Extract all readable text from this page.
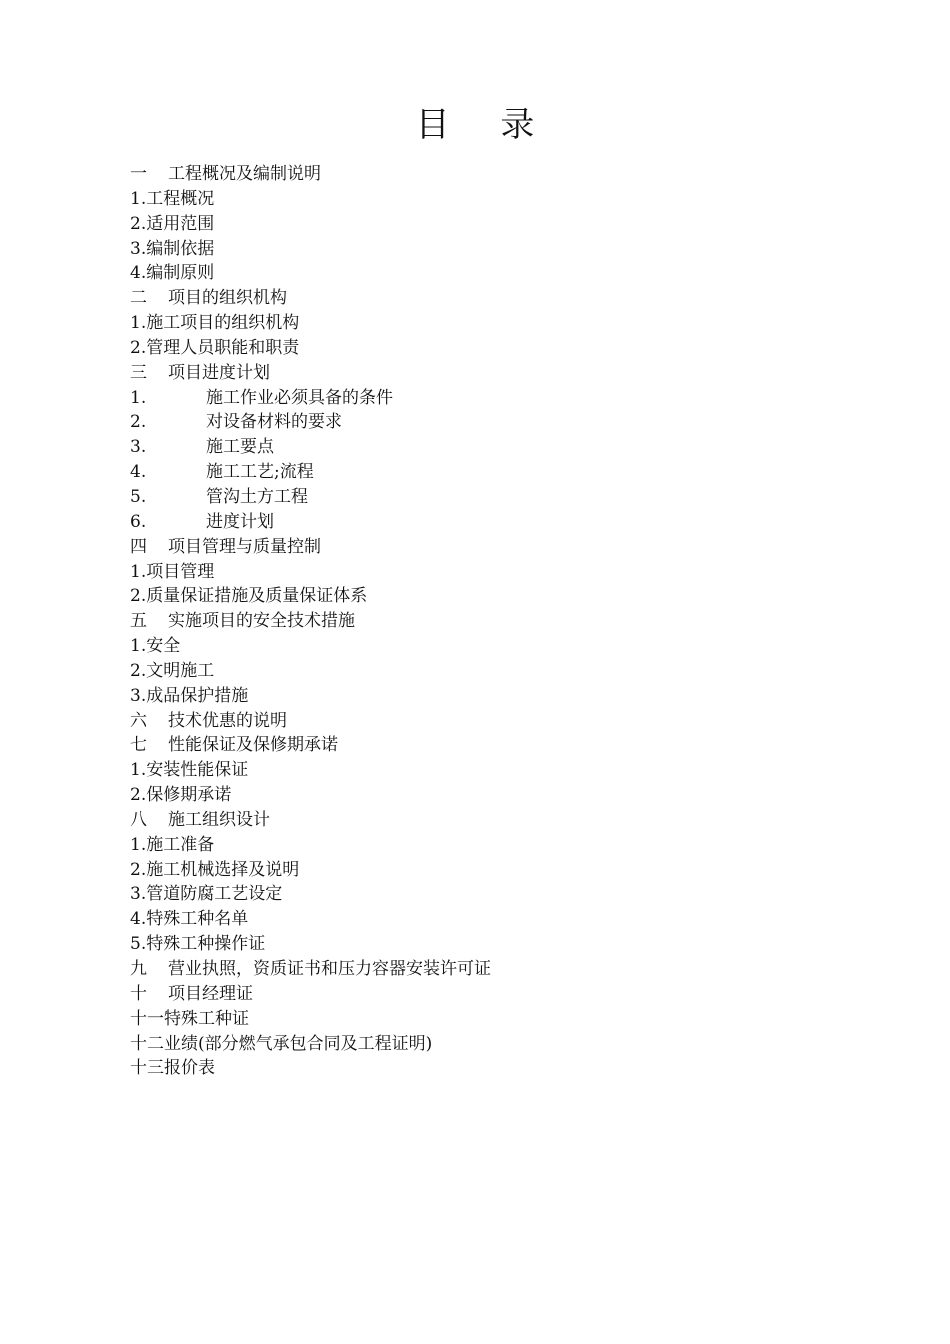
目 录
一	工程概况及编制说明
1.工程概况
2.适用范围
3.编制依据
4.编制原则
二	项目的组织机构
1.施工项目的组织机构
2.管理人员职能和职责
三	项目进度计划
1.	施工作业必须具备的条件
2.	对设备材料的要求
3.	施工要点
4.	施工工艺;流程
5.	管沟土方工程
6.	进度计划
四	项目管理与质量控制
1.项目管理
2.质量保证措施及质量保证体系
五	实施项目的安全技术措施
1.安全
2.文明施工
3.成品保护措施
六	技术优惠的说明
七	性能保证及保修期承诺
1.安装性能保证
2.保修期承诺
八	施工组织设计
1.施工准备
2.施工机械选择及说明
3.管道防腐工艺设定
4.特殊工种名单
5.特殊工种操作证
九	营业执照，资质证书和压力容器安装许可证
十	项目经理证
十一特殊工种证
十二业绩(部分燃气承包合同及工程证明)
十三报价表
